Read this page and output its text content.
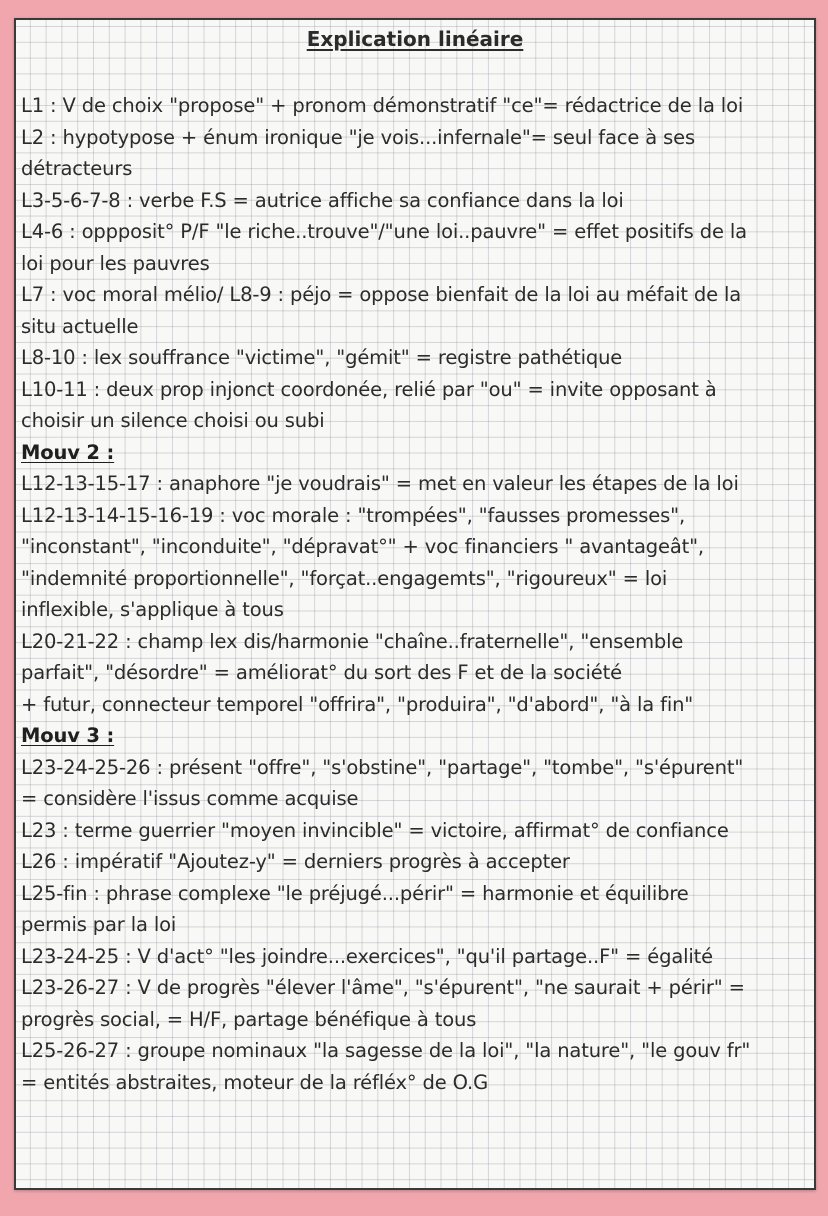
Explication linéaire
L1 : V de choix "propose" + pronom démonstratif "ce"= rédactrice de la loi
L2 : hypotypose + énum ironique "je vois...infernale"= seul face à ses
détracteurs
L3-5-6-7-8 : verbe F.S = autrice affiche sa confiance dans la loi
L4-6 : oppposit° P/F "le riche..trouve"/"une loi..pauvre" = effet positifs de la
loi pour les pauvres
L7 : voc moral mélio/ L8-9 : péjo = oppose bienfait de la loi au méfait de la
situ actuelle
L8-10 : lex souffrance "victime", "gémit" = registre pathétique
L10-11 : deux prop injonct coordonée, relié par "ou" = invite opposant à
choisir un silence choisi ou subi
Mouv 2 :
L12-13-15-17 : anaphore "je voudrais" = met en valeur les étapes de la loi
L12-13-14-15-16-19 : voc morale : "trompées", "fausses promesses",
"inconstant", "inconduite", "dépravat°" + voc financiers " avantageât",
"indemnité proportionnelle", "forçat..engagemts", "rigoureux" = loi
inflexible, s'applique à tous
L20-21-22 : champ lex dis/harmonie "chaîne..fraternelle", "ensemble
parfait", "désordre" = améliorat° du sort des F et de la société
+ futur, connecteur temporel "offrira", "produira", "d'abord", "à la fin"
Mouv 3 :
L23-24-25-26 : présent "offre", "s'obstine", "partage", "tombe", "s'épurent"
= considère l'issus comme acquise
L23 : terme guerrier "moyen invincible" = victoire, affirmat° de confiance
L26 : impératif "Ajoutez-y" = derniers progrès à accepter
L25-fin : phrase complexe "le préjugé...périr" = harmonie et équilibre
permis par la loi
L23-24-25 : V d'act° "les joindre...exercices", "qu'il partage..F" = égalité
L23-26-27 : V de progrès "élever l'âme", "s'épurent", "ne saurait + périr" =
progrès social, = H/F, partage bénéfique à tous
L25-26-27 : groupe nominaux "la sagesse de la loi", "la nature", "le gouv fr"
= entités abstraites, moteur de la réfléx° de O.G
